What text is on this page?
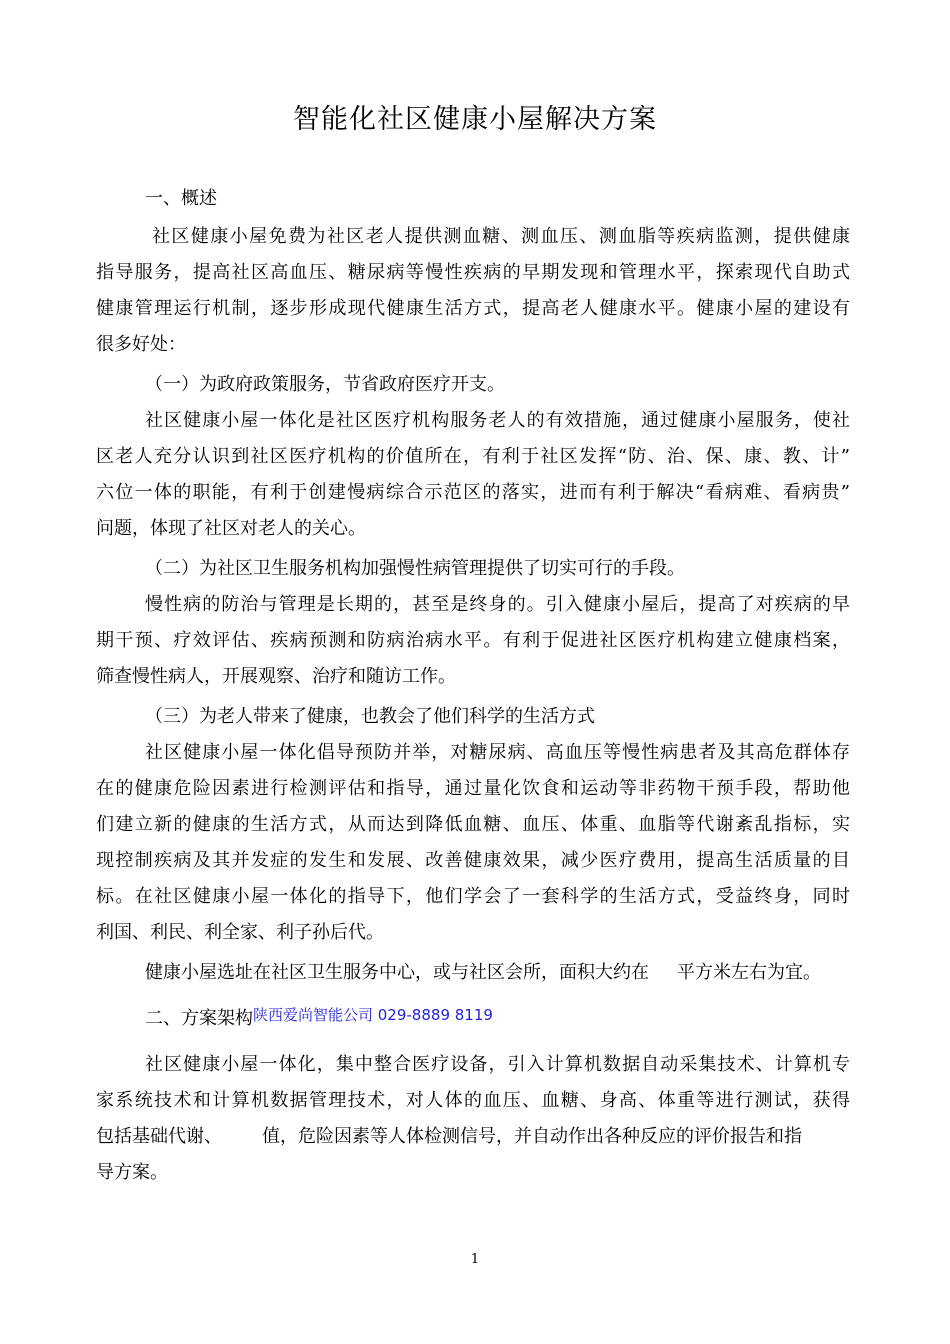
智能化社区健康小屋解决方案
一、概述
社区健康小屋免费为社区老人提供测血糖、测血压、测血脂等疾病监测，提供健康
指导服务，提高社区高血压、糖尿病等慢性疾病的早期发现和管理水平，探索现代自助式
健康管理运行机制，逐步形成现代健康生活方式，提高老人健康水平。健康小屋的建设有
很多好处：
（一）为政府政策服务，节省政府医疗开支。
社区健康小屋一体化是社区医疗机构服务老人的有效措施，通过健康小屋服务，使社
区老人充分认识到社区医疗机构的价值所在，有利于社区发挥“防、治、保、康、教、计”
六位一体的职能，有利于创建慢病综合示范区的落实，进而有利于解决“看病难、看病贵”
问题，体现了社区对老人的关心。
（二）为社区卫生服务机构加强慢性病管理提供了切实可行的手段。
慢性病的防治与管理是长期的，甚至是终身的。引入健康小屋后，提高了对疾病的早
期干预、疗效评估、疾病预测和防病治病水平。有利于促进社区医疗机构建立健康档案，
筛查慢性病人，开展观察、治疗和随访工作。
（三）为老人带来了健康，也教会了他们科学的生活方式
社区健康小屋一体化倡导预防并举，对糖尿病、高血压等慢性病患者及其高危群体存
在的健康危险因素进行检测评估和指导，通过量化饮食和运动等非药物干预手段，帮助他
们建立新的健康的生活方式，从而达到降低血糖、血压、体重、血脂等代谢紊乱指标，实
现控制疾病及其并发症的发生和发展、改善健康效果，减少医疗费用，提高生活质量的目
标。在社区健康小屋一体化的指导下，他们学会了一套科学的生活方式，受益终身，同时
利国、利民、利全家、利子孙后代。
健康小屋选址在社区卫生服务中心，或与社区会所，面积大约在 平方米左右为宜。
二、方案架构$^{陕西爱尚智能公司 029-8889 8119}$
社区健康小屋一体化，集中整合医疗设备，引入计算机数据自动采集技术、计算机专
家系统技术和计算机数据管理技术，对人体的血压、血糖、身高、体重等进行测试，获得
包括基础代谢、 值，危险因素等人体检测信号，并自动作出各种反应的评价报告和指
导方案。
1
